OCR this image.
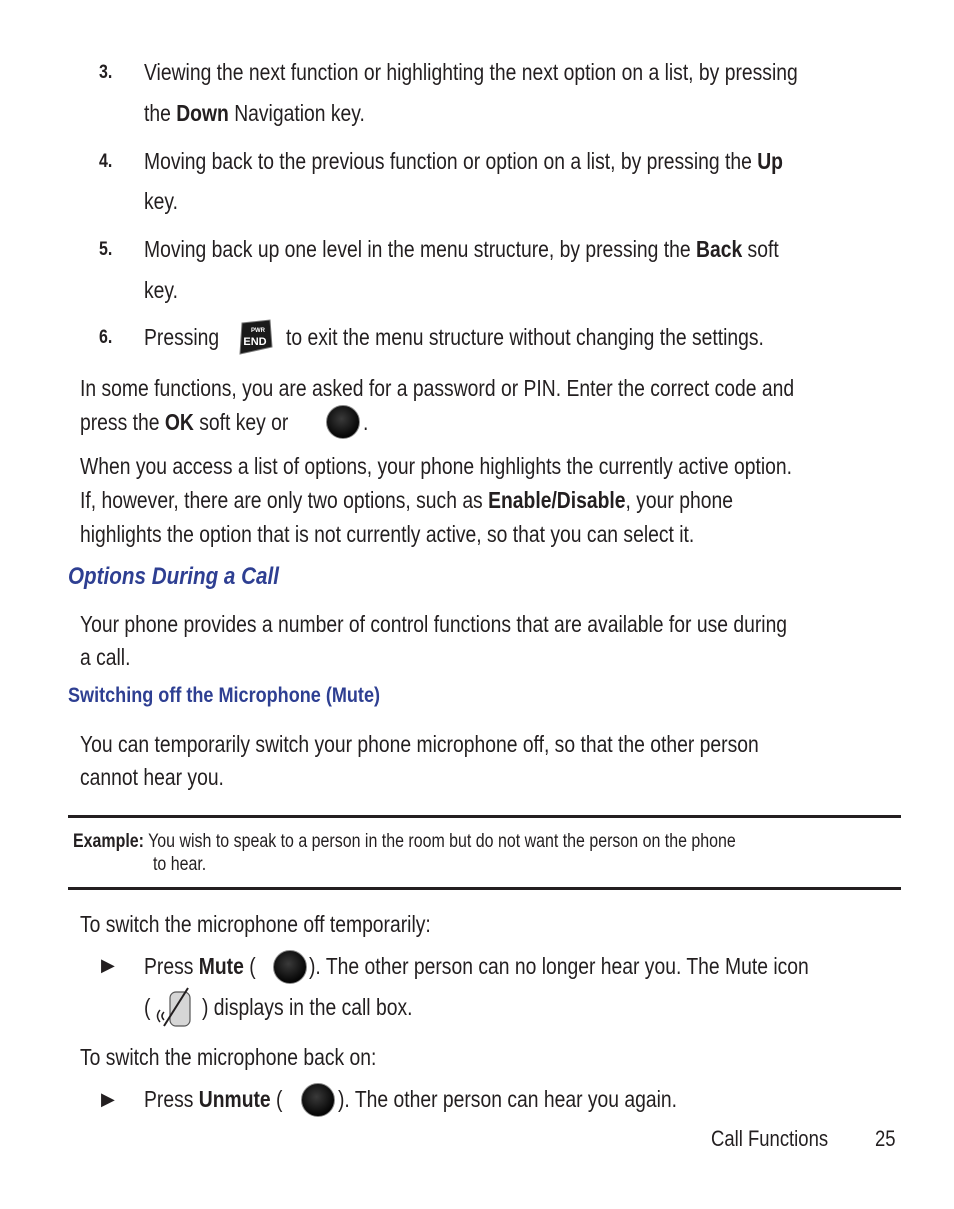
3. Viewing the next function or highlighting the next option on a list, by pressing
the Down Navigation key.
4. Moving back to the previous function or option on a list, by pressing the Up
key.
5. Moving back up one level in the menu structure, by pressing the Back soft
key.
6. Pressing	PWR
END to exit the menu structure without changing the settings.
In some functions, you are asked for a password or PIN. Enter the correct code and
press the OK soft key or	.
When you access a list of options, your phone highlights the currently active option.
If, however, there are only two options, such as Enable/Disable, your phone
highlights the option that is not currently active, so that you can select it.
Options During a Call
Your phone provides a number of control functions that are available for use during
a call.
Switching off the Microphone (Mute)
You can temporarily switch your phone microphone off, so that the other person
cannot hear you.
Example: You wish to speak to a person in the room but do not want the person on the phone
to hear.
To switch the microphone off temporarily:
▶ Press Mute ( ). The other person can no longer hear you. The Mute icon
( ) displays in the call box.
To switch the microphone back on:
▶ Press Unmute ( ). The other person can hear you again.
Call Functions 25
